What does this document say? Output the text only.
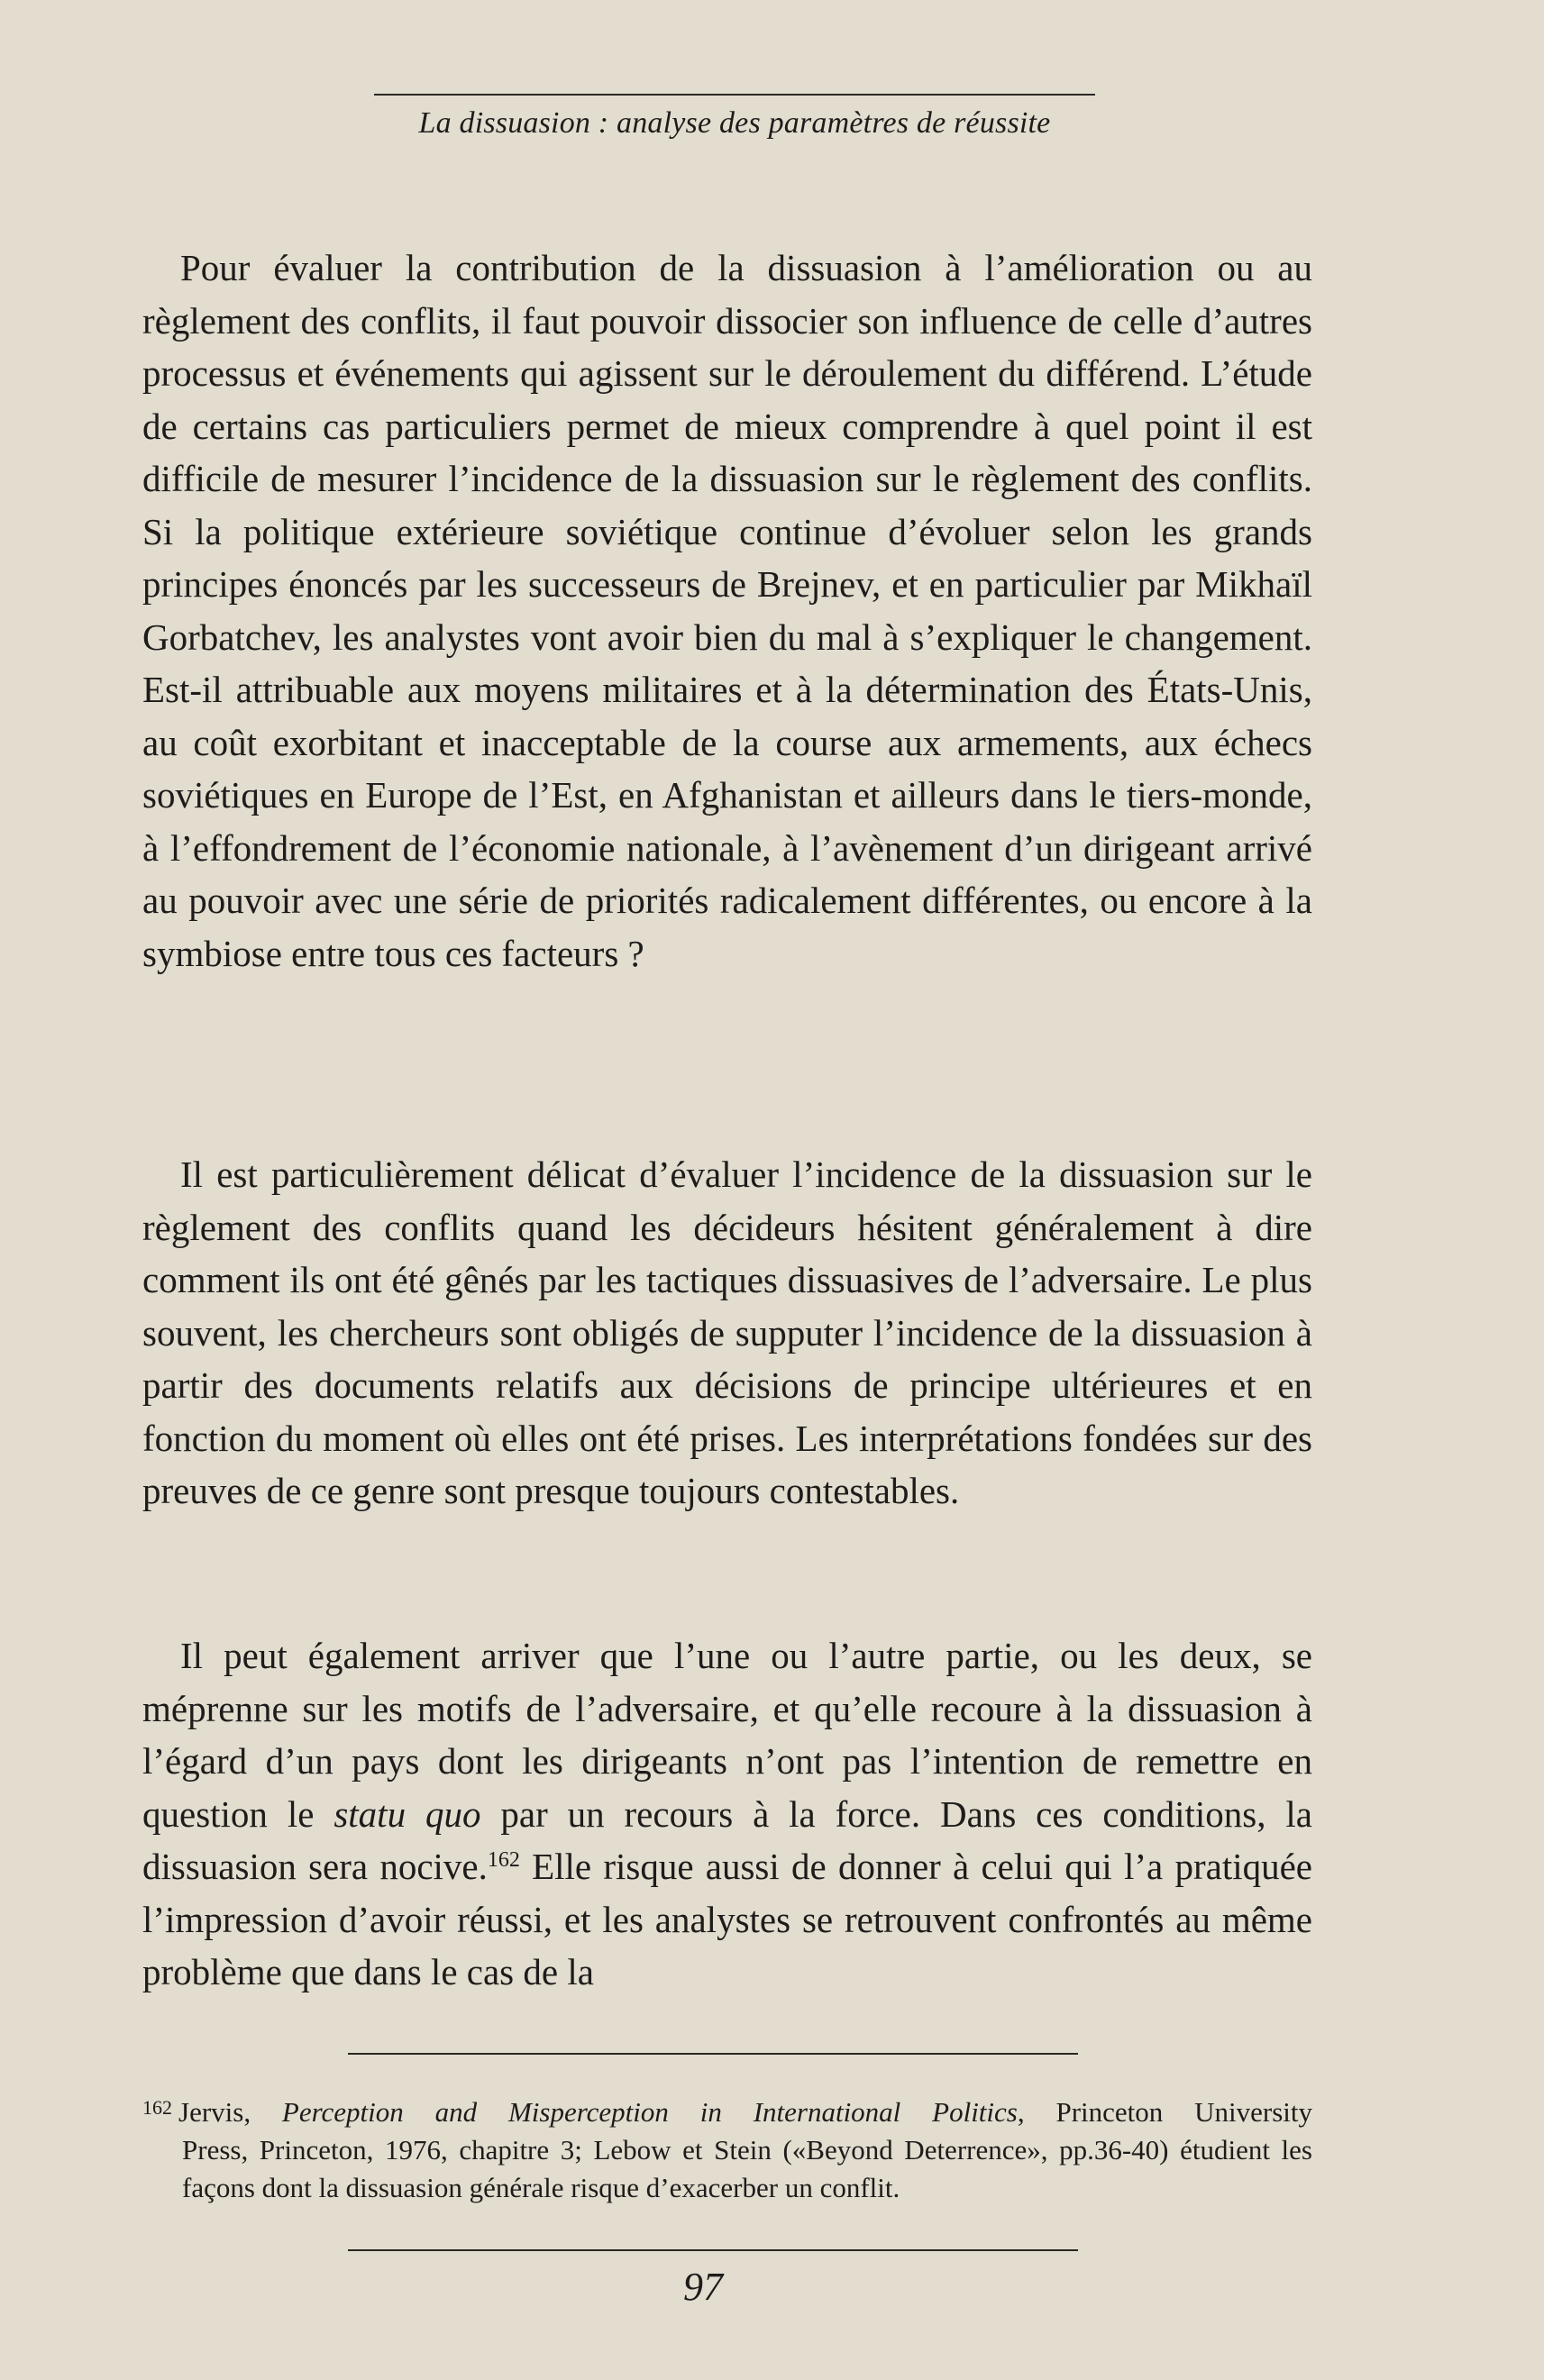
La dissuasion : analyse des paramètres de réussite

Pour évaluer la contribution de la dissuasion à l’amélioration ou au règlement des conflits, il faut pouvoir dissocier son influence de celle d’autres processus et événements qui agissent sur le déroulement du différend. L’étude de certains cas particuliers permet de mieux comprendre à quel point il est difficile de mesurer l’incidence de la dissuasion sur le règlement des conflits. Si la politique extérieure soviétique continue d’évoluer selon les grands principes énoncés par les successeurs de Brejnev, et en particulier par Mikhaïl Gorbatchev, les analystes vont avoir bien du mal à s’expliquer le changement. Est-il attribuable aux moyens militaires et à la détermination des États-Unis, au coût exorbitant et inacceptable de la course aux armements, aux échecs soviétiques en Europe de l’Est, en Afghanistan et ailleurs dans le tiers-monde, à l’effondrement de l’économie nationale, à l’avènement d’un dirigeant arrivé au pouvoir avec une série de priorités radicalement différentes, ou encore à la symbiose entre tous ces facteurs ?

Il est particulièrement délicat d’évaluer l’incidence de la dissuasion sur le règlement des conflits quand les décideurs hésitent généralement à dire comment ils ont été gênés par les tactiques dissuasives de l’adversaire. Le plus souvent, les chercheurs sont obligés de supputer l’incidence de la dissuasion à partir des documents relatifs aux décisions de principe ultérieures et en fonction du moment où elles ont été prises. Les interprétations fondées sur des preuves de ce genre sont presque toujours contestables.

Il peut également arriver que l’une ou l’autre partie, ou les deux, se méprenne sur les motifs de l’adversaire, et qu’elle recoure à la dissuasion à l’égard d’un pays dont les dirigeants n’ont pas l’intention de remettre en question le statu quo par un recours à la force. Dans ces conditions, la dissuasion sera nocive.$^{162}$ Elle risque aussi de donner à celui qui l’a pratiquée l’impression d’avoir réussi, et les analystes se retrouvent confrontés au même problème que dans le cas de la

162 Jervis, Perception and Misperception in International Politics, Princeton University
Press, Princeton, 1976, chapitre 3; Lebow et Stein («Beyond Deterrence», pp.36-40) étudient les façons dont la dissuasion générale risque d’exacerber un conflit.
97
